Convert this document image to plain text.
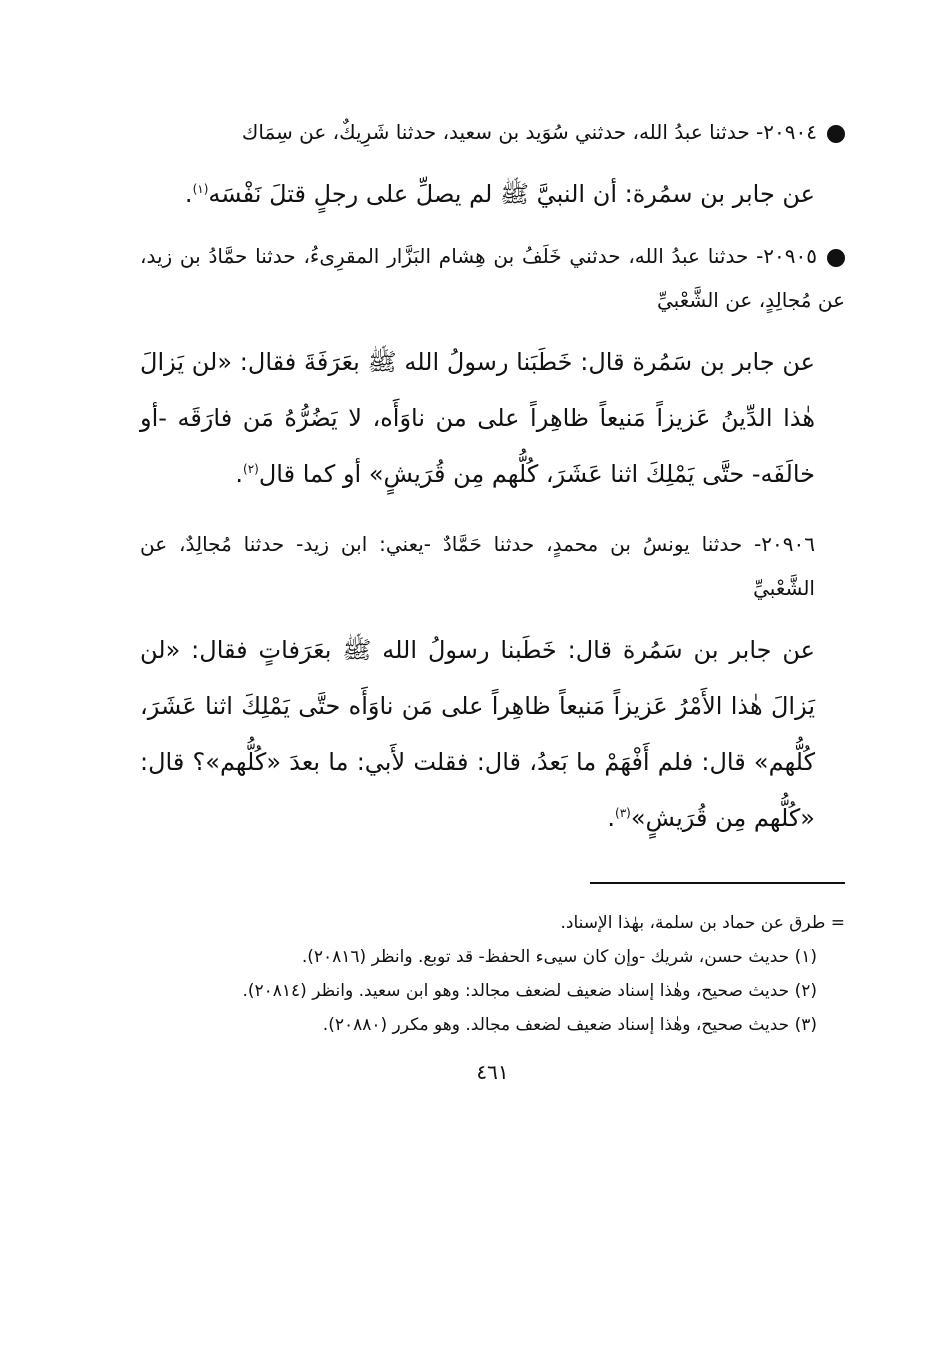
٢٠٩٠٤- حدثنا عبدُ الله، حدثني سُوَيد بن سعيد، حدثنا شَرِيكٌ، عن سِمَاك

عن جابر بن سمُرة: أن النبيَّ ﷺ لم يصلِّ على رجلٍ قتلَ نَفْسَه$^{(١)}$.

٢٠٩٠٥- حدثنا عبدُ الله، حدثني خَلَفُ بن هِشام البَزَّار المقرِىءُ، حدثنا حمَّادُ بن زيد، عن مُجالِدٍ، عن الشَّعْبيِّ

عن جابر بن سَمُرة قال: خَطَبَنا رسولُ الله ﷺ بعَرَفَةَ فقال: «لن يَزالَ هٰذا الدِّينُ عَزيزاً مَنيعاً ظاهِراً على من ناوَأَه، لا يَضُرُّهُ مَن فارَقَه -أو خالَفَه- حتَّى يَمْلِكَ اثنا عَشَرَ، كُلُّهم مِن قُرَيشٍ» أو كما قال$^{(٢)}$.

٢٠٩٠٦- حدثنا يونسُ بن محمدٍ، حدثنا حَمَّادٌ -يعني: ابن زيد- حدثنا مُجالِدٌ، عن الشَّعْبيِّ

عن جابر بن سَمُرة قال: خَطَبنا رسولُ الله ﷺ بعَرَفاتٍ فقال: «لن يَزالَ هٰذا الأَمْرُ عَزيزاً مَنيعاً ظاهِراً على مَن ناوَأَه حتَّى يَمْلِكَ اثنا عَشَرَ، كُلُّهم» قال: فلم أَفْهَمْ ما بَعدُ، قال: فقلت لأَبي: ما بعدَ «كُلُّهم»؟ قال: «كُلُّهم مِن قُرَيشٍ»$^{(٣)}$.

= طرق عن حماد بن سلمة، بهٰذا الإسناد.

(١) حديث حسن، شريك -وإن كان سيىء الحفظ- قد توبع. وانظر (٢٠٨١٦).

(٢) حديث صحيح، وهٰذا إسناد ضعيف لضعف مجالد: وهو ابن سعيد. وانظر (٢٠٨١٤).

(٣) حديث صحيح، وهٰذا إسناد ضعيف لضعف مجالد. وهو مكرر (٢٠٨٨٠).

٤٦١
